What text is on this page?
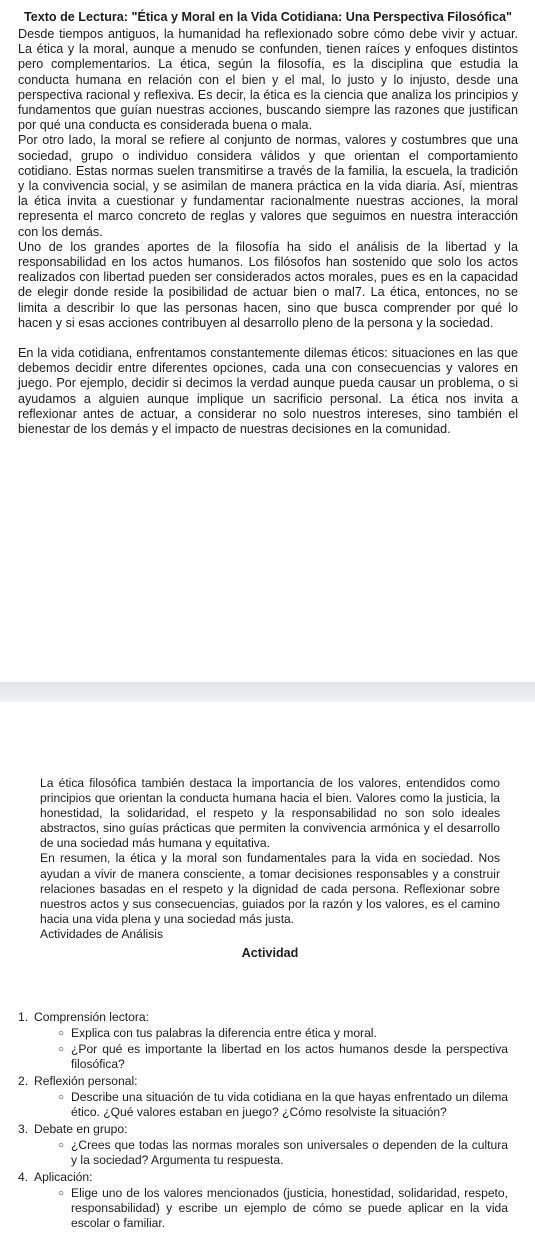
Texto de Lectura: "Ética y Moral en la Vida Cotidiana: Una Perspectiva Filosófica"

Desde tiempos antiguos, la humanidad ha reflexionado sobre cómo debe vivir y actuar. La ética y la moral, aunque a menudo se confunden, tienen raíces y enfoques distintos pero complementarios. La ética, según la filosofía, es la disciplina que estudia la conducta humana en relación con el bien y el mal, lo justo y lo injusto, desde una perspectiva racional y reflexiva. Es decir, la ética es la ciencia que analiza los principios y fundamentos que guían nuestras acciones, buscando siempre las razones que justifican por qué una conducta es considerada buena o mala.

Por otro lado, la moral se refiere al conjunto de normas, valores y costumbres que una sociedad, grupo o individuo considera válidos y que orientan el comportamiento cotidiano. Estas normas suelen transmitirse a través de la familia, la escuela, la tradición y la convivencia social, y se asimilan de manera práctica en la vida diaria. Así, mientras la ética invita a cuestionar y fundamentar racionalmente nuestras acciones, la moral representa el marco concreto de reglas y valores que seguimos en nuestra interacción con los demás.

Uno de los grandes aportes de la filosofía ha sido el análisis de la libertad y la responsabilidad en los actos humanos. Los filósofos han sostenido que solo los actos realizados con libertad pueden ser considerados actos morales, pues es en la capacidad de elegir donde reside la posibilidad de actuar bien o mal7. La ética, entonces, no se limita a describir lo que las personas hacen, sino que busca comprender por qué lo hacen y si esas acciones contribuyen al desarrollo pleno de la persona y la sociedad.

En la vida cotidiana, enfrentamos constantemente dilemas éticos: situaciones en las que debemos decidir entre diferentes opciones, cada una con consecuencias y valores en juego. Por ejemplo, decidir si decimos la verdad aunque pueda causar un problema, o si ayudamos a alguien aunque implique un sacrificio personal. La ética nos invita a reflexionar antes de actuar, a considerar no solo nuestros intereses, sino también el bienestar de los demás y el impacto de nuestras decisiones en la comunidad.

La ética filosófica también destaca la importancia de los valores, entendidos como principios que orientan la conducta humana hacia el bien. Valores como la justicia, la honestidad, la solidaridad, el respeto y la responsabilidad no son solo ideales abstractos, sino guías prácticas que permiten la convivencia armónica y el desarrollo de una sociedad más humana y equitativa.

En resumen, la ética y la moral son fundamentales para la vida en sociedad. Nos ayudan a vivir de manera consciente, a tomar decisiones responsables y a construir relaciones basadas en el respeto y la dignidad de cada persona. Reflexionar sobre nuestros actos y sus consecuencias, guiados por la razón y los valores, es el camino hacia una vida plena y una sociedad más justa.

Actividades de Análisis

Actividad

1. Comprensión lectora:
○ Explica con tus palabras la diferencia entre ética y moral.
○ ¿Por qué es importante la libertad en los actos humanos desde la perspectiva filosófica?
2. Reflexión personal:
○ Describe una situación de tu vida cotidiana en la que hayas enfrentado un dilema ético. ¿Qué valores estaban en juego? ¿Cómo resolviste la situación?
3. Debate en grupo:
○ ¿Crees que todas las normas morales son universales o dependen de la cultura y la sociedad? Argumenta tu respuesta.
4. Aplicación:
○ Elige uno de los valores mencionados (justicia, honestidad, solidaridad, respeto, responsabilidad) y escribe un ejemplo de cómo se puede aplicar en la vida escolar o familiar.
